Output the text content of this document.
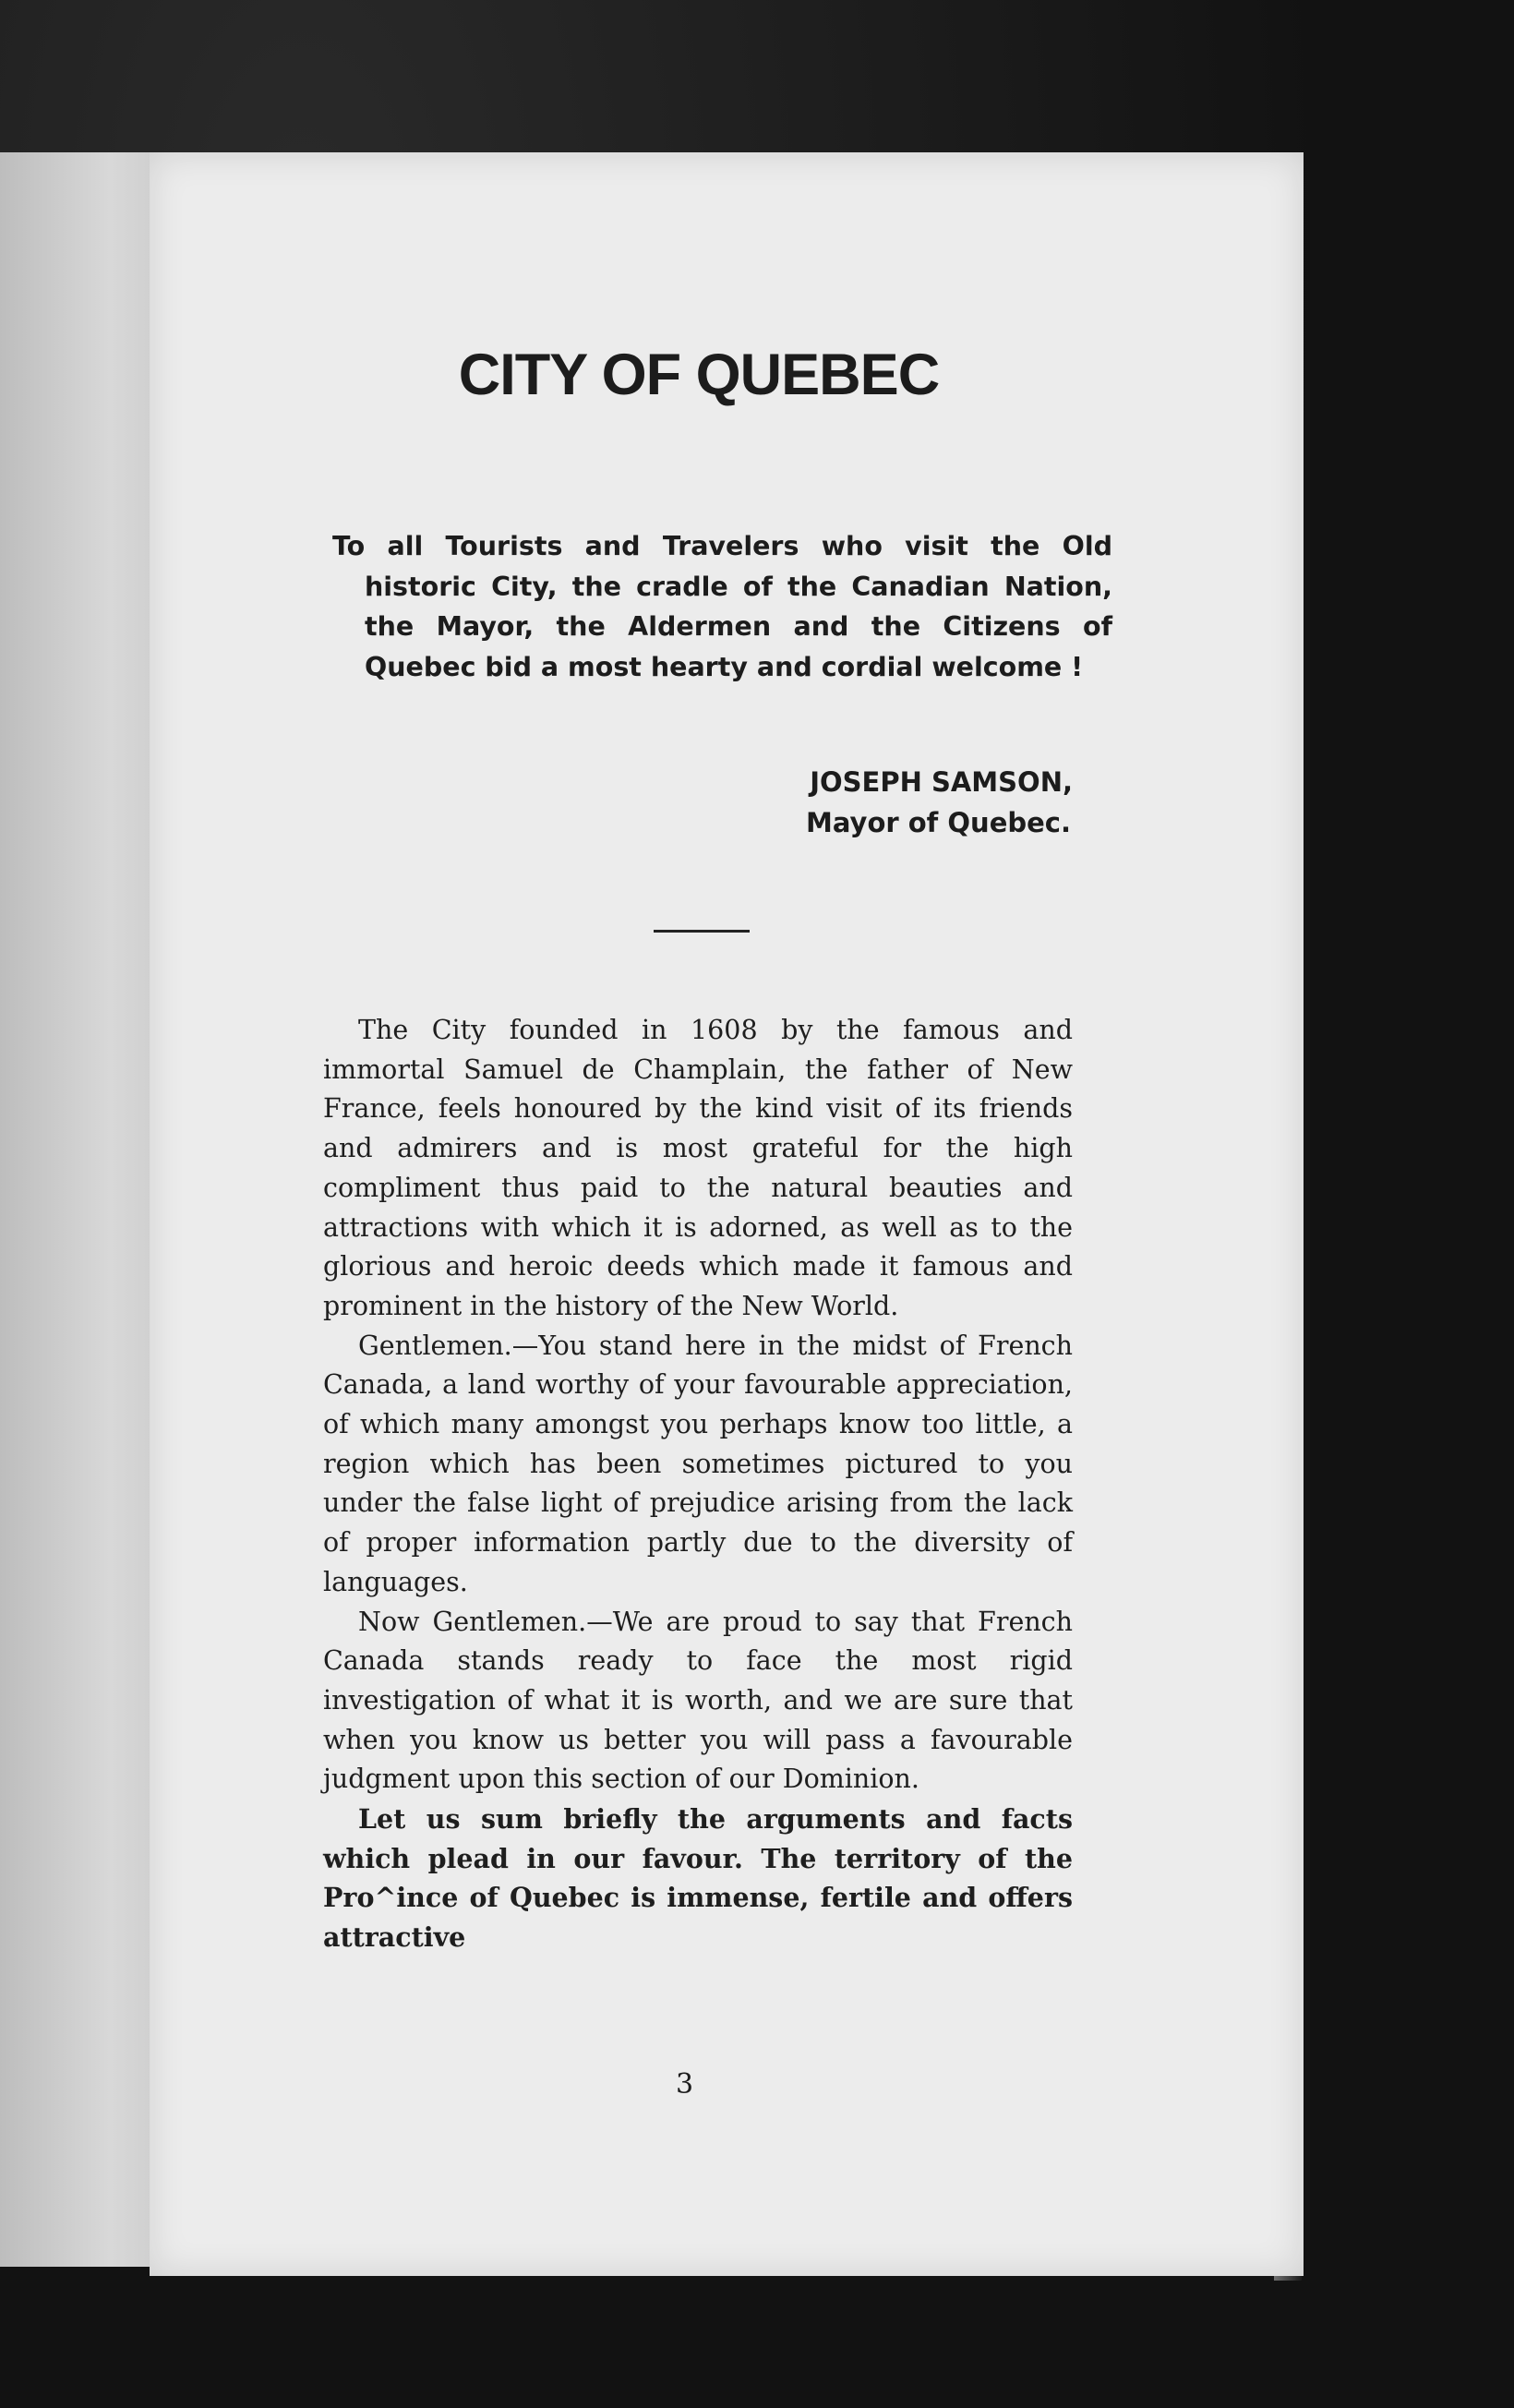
CITY OF QUEBEC
To all Tourists and Travelers who visit the Old historic City, the cradle of the Canadian Nation, the Mayor, the Aldermen and the Citizens of Quebec bid a most hearty and cordial welcome !
JOSEPH SAMSON,
Mayor of Quebec.

The City founded in 1608 by the famous and immortal Samuel de Champlain, the father of New France, feels honoured by the kind visit of its friends and admirers and is most grateful for the high compliment thus paid to the natural beauties and attractions with which it is adorned, as well as to the glorious and heroic deeds which made it famous and prominent in the history of the New World.

Gentlemen.—You stand here in the midst of French Canada, a land worthy of your favourable appreciation, of which many amongst you perhaps know too little, a region which has been sometimes pictured to you under the false light of prejudice arising from the lack of proper information partly due to the diversity of languages.

Now Gentlemen.—We are proud to say that French Canada stands ready to face the most rigid investigation of what it is worth, and we are sure that when you know us better you will pass a favourable judgment upon this section of our Dominion.

Let us sum briefly the arguments and facts which plead in our favour. The territory of the Pro^ince of Quebec is immense, fertile and offers attractive

3
